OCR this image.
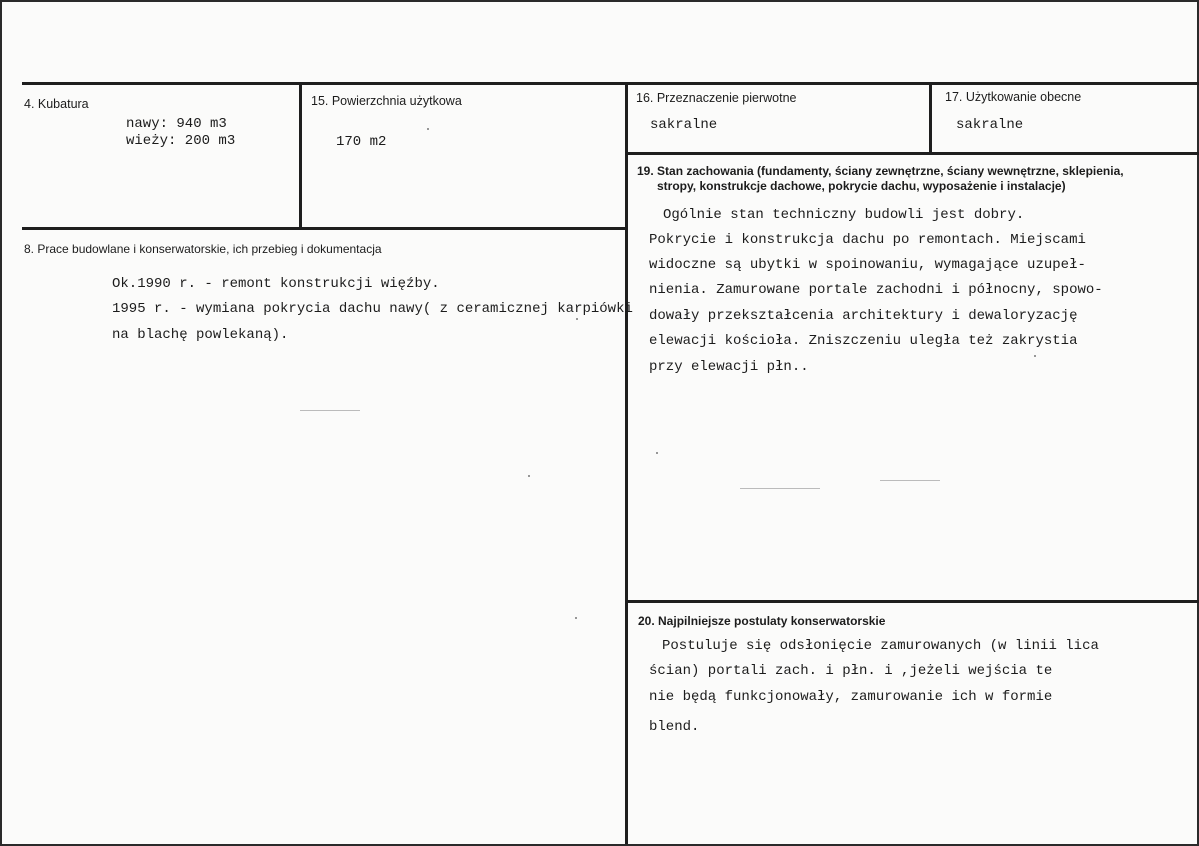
4. Kubatura
nawy: 940 m3
wieży: 200 m3
15. Powierzchnia użytkowa
170 m2
16. Przeznaczenie pierwotne
sakralne
17. Użytkowanie obecne
sakralne
8. Prace budowlane i konserwatorskie, ich przebieg i dokumentacja
Ok.1990 r. - remont konstrukcji więźby.
1995 r. - wymiana pokrycia dachu nawy( z ceramicznej karpiówki
na blachę powlekaną).
19. Stan zachowania (fundamenty, ściany zewnętrzne, ściany wewnętrzne, sklepienia,
stropy, konstrukcje dachowe, pokrycie dachu, wyposażenie i instalacje)
Ogólnie stan techniczny budowli jest dobry.
Pokrycie i konstrukcja dachu po remontach. Miejscami
widoczne są ubytki w spoinowaniu, wymagające uzupeł-
nienia. Zamurowane portale zachodni i północny, spowo-
dowały przekształcenia architektury i dewaloryzację
elewacji kościoła. Zniszczeniu uległa też zakrystia
przy elewacji płn..
20. Najpilniejsze postulaty konserwatorskie
Postuluje się odsłonięcie zamurowanych (w linii lica
ścian) portali zach. i płn. i ,jeżeli wejścia te
nie będą funkcjonowały, zamurowanie ich w formie
blend.
